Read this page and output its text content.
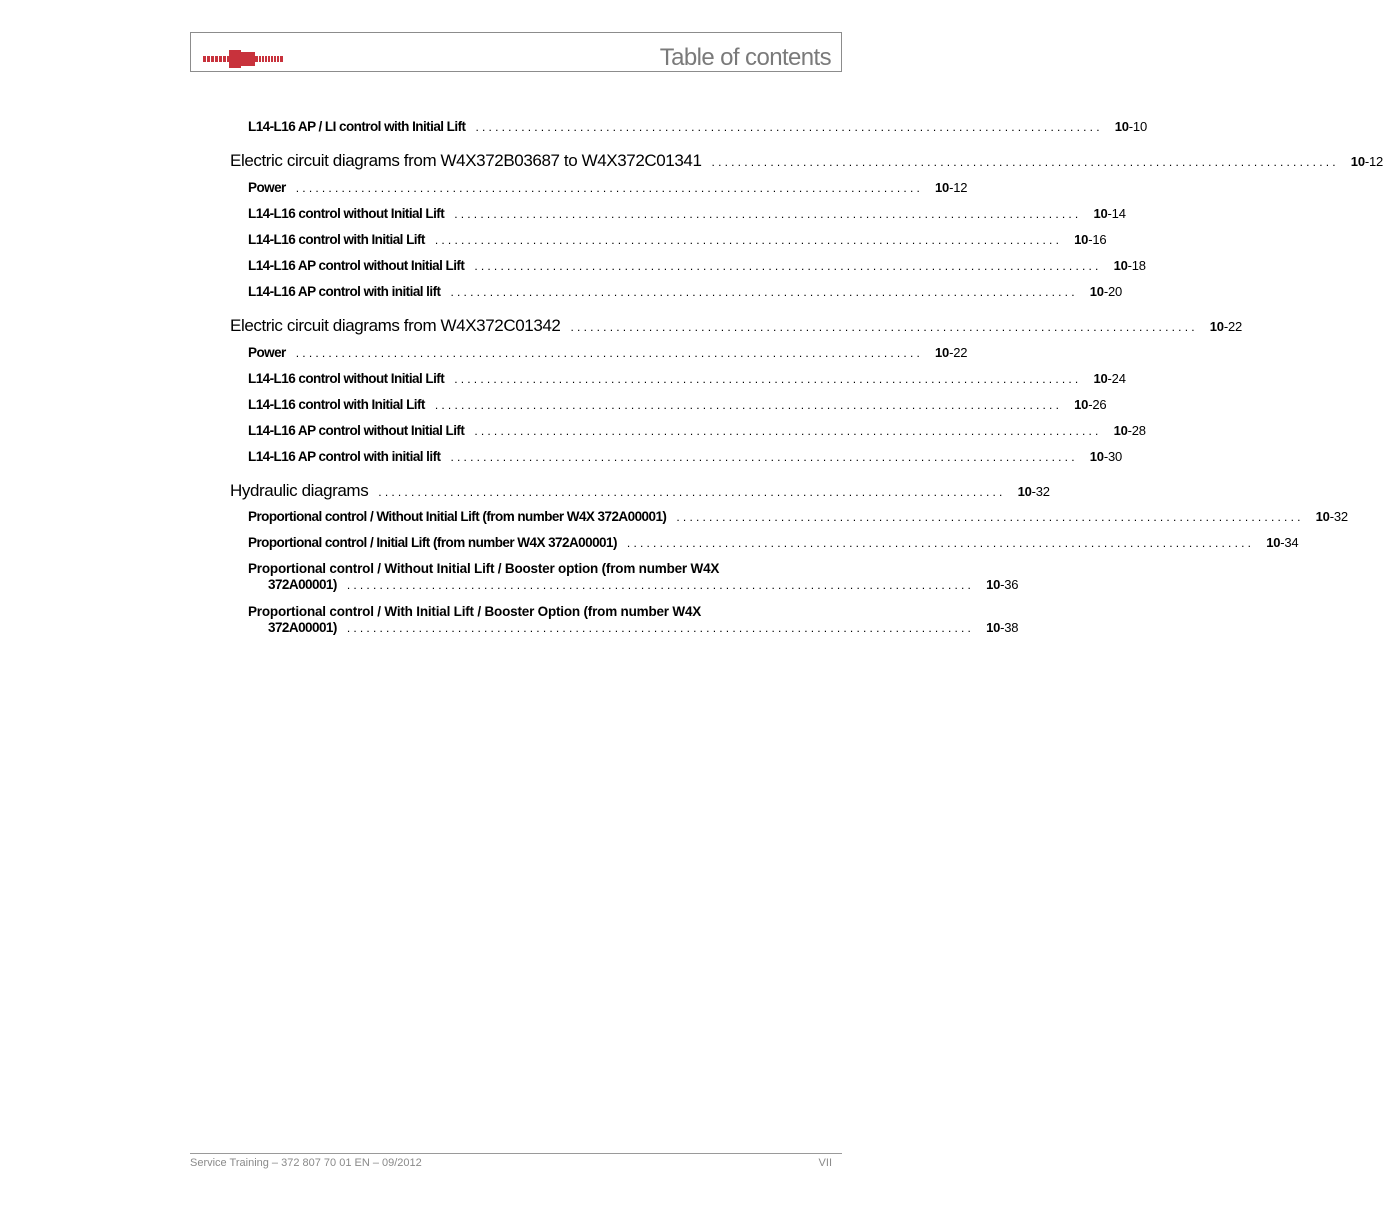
Table of contents
L14-L16 AP / LI control with Initial Lift ................................................................................................ 10-10
Electric circuit diagrams from W4X372B03687 to W4X372C01341 ................................................................................................ 10-12
Power ................................................................................................ 10-12
L14-L16 control without Initial Lift ................................................................................................ 10-14
L14-L16 control with Initial Lift ................................................................................................ 10-16
L14-L16 AP control without Initial Lift ................................................................................................ 10-18
L14-L16 AP control with initial lift ................................................................................................ 10-20
Electric circuit diagrams from W4X372C01342 ................................................................................................ 10-22
Power ................................................................................................ 10-22
L14-L16 control without Initial Lift ................................................................................................ 10-24
L14-L16 control with Initial Lift ................................................................................................ 10-26
L14-L16 AP control without Initial Lift ................................................................................................ 10-28
L14-L16 AP control with initial lift ................................................................................................ 10-30
Hydraulic diagrams ................................................................................................ 10-32
Proportional control / Without Initial Lift (from number W4X 372A00001) ................................................................................................ 10-32
Proportional control / Initial Lift (from number W4X 372A00001) ................................................................................................ 10-34
Proportional control / Without Initial Lift / Booster option (from number W4X
372A00001) ................................................................................................ 10-36
Proportional control / With Initial Lift / Booster Option (from number W4X
372A00001) ................................................................................................ 10-38
Service Training – 372 807 70 01 EN – 09/2012	VII
